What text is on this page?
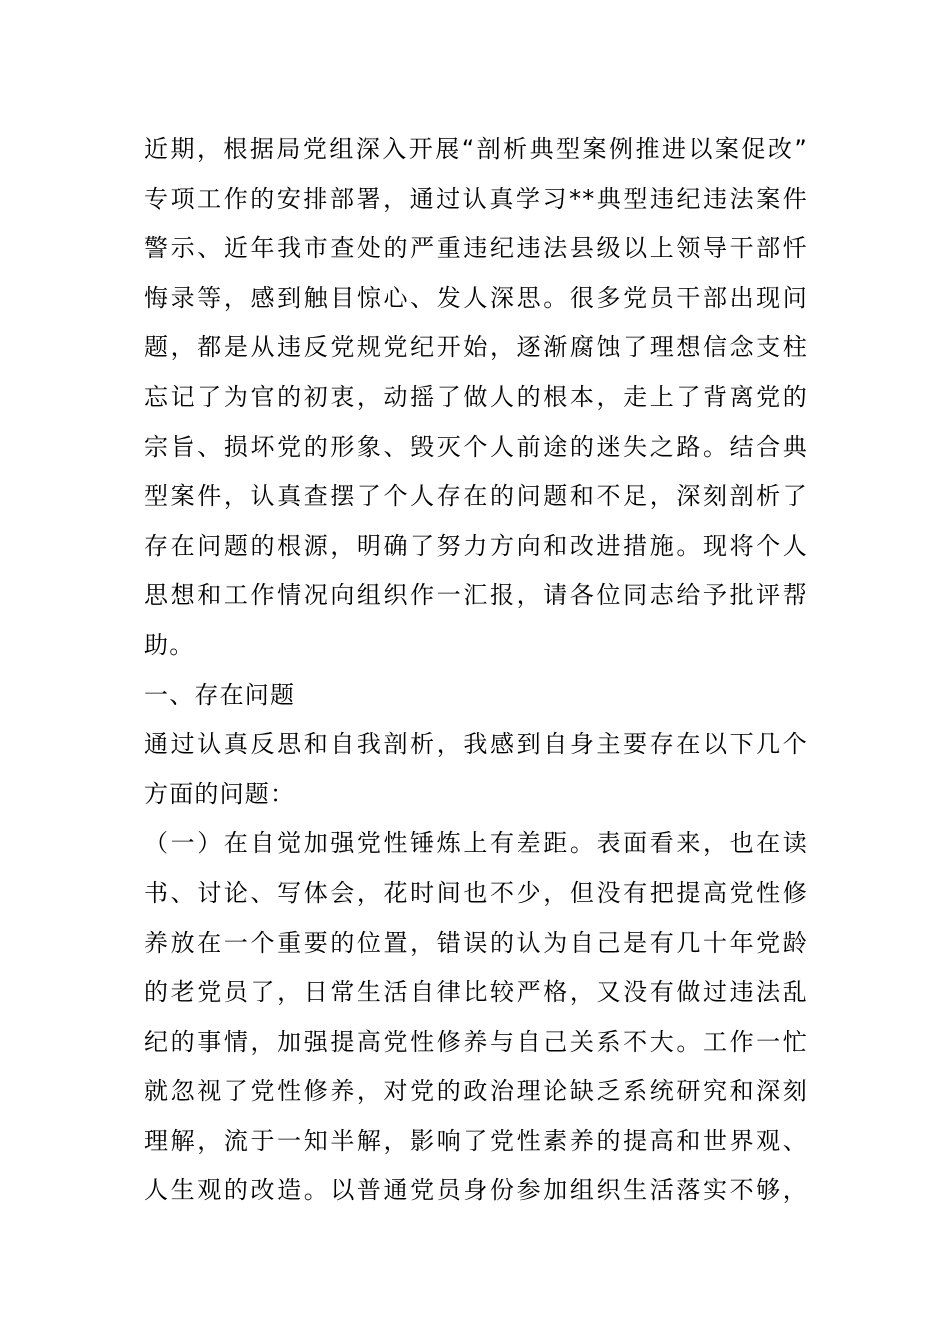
近期，根据局党组深入开展“剖析典型案例推进以案促改”
专项工作的安排部署，通过认真学习**典型违纪违法案件
警示、近年我市查处的严重违纪违法县级以上领导干部忏
悔录等，感到触目惊心、发人深思。很多党员干部出现问
题，都是从违反党规党纪开始，逐渐腐蚀了理想信念支柱
忘记了为官的初衷，动摇了做人的根本，走上了背离党的
宗旨、损坏党的形象、毁灭个人前途的迷失之路。结合典
型案件，认真查摆了个人存在的问题和不足，深刻剖析了
存在问题的根源，明确了努力方向和改进措施。现将个人
思想和工作情况向组织作一汇报，请各位同志给予批评帮
助。
一、存在问题
通过认真反思和自我剖析，我感到自身主要存在以下几个
方面的问题：
（一）在自觉加强党性锤炼上有差距。表面看来，也在读
书、讨论、写体会，花时间也不少，但没有把提高党性修
养放在一个重要的位置，错误的认为自己是有几十年党龄
的老党员了，日常生活自律比较严格，又没有做过违法乱
纪的事情，加强提高党性修养与自己关系不大。工作一忙
就忽视了党性修养，对党的政治理论缺乏系统研究和深刻
理解，流于一知半解，影响了党性素养的提高和世界观、
人生观的改造。以普通党员身份参加组织生活落实不够，
